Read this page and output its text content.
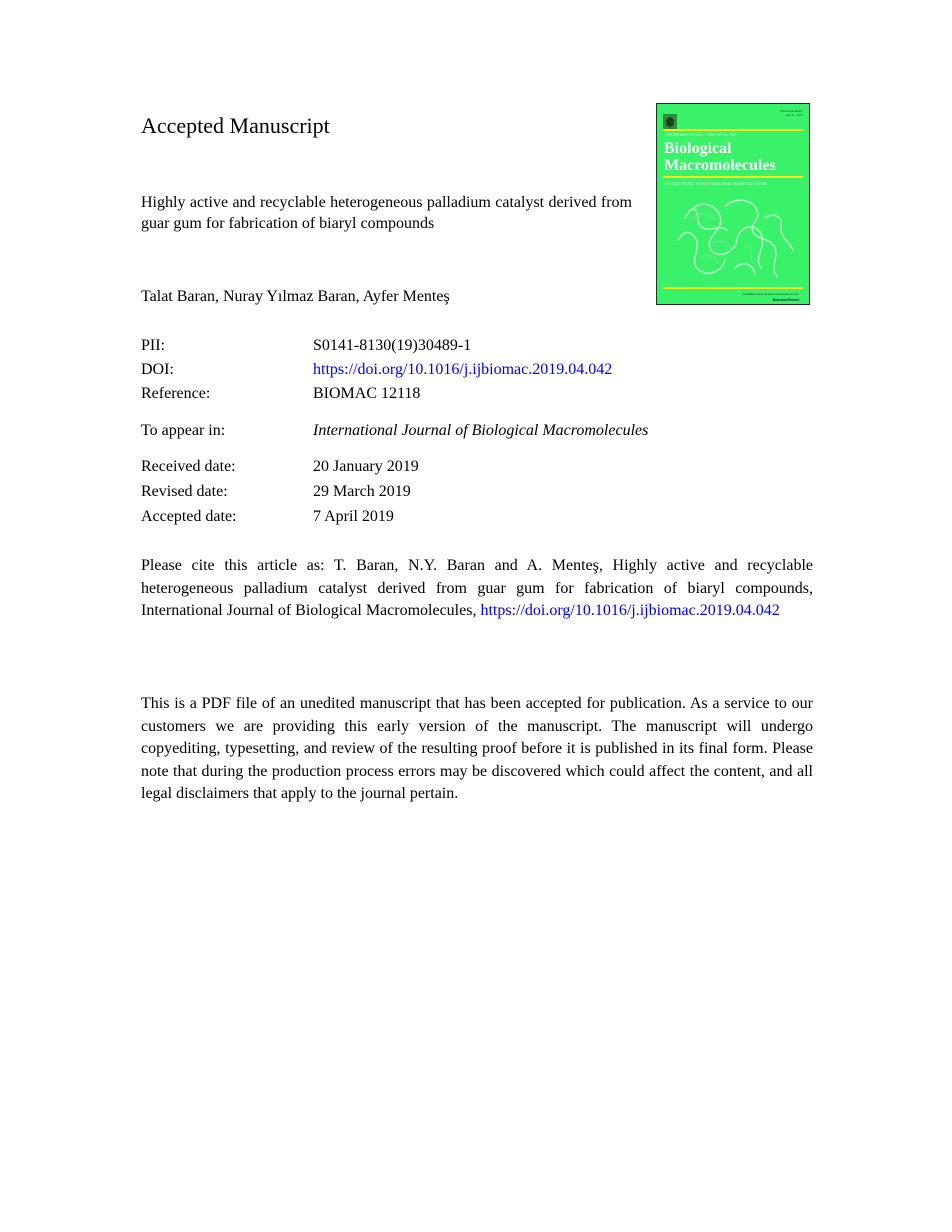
Accepted Manuscript
Highly active and recyclable heterogeneous palladium catalyst derived from guar gum for fabrication of biaryl compounds
Talat Baran, Nuray Yılmaz Baran, Ayfer Menteş
ISSN 0141-8130
Vol. 1 – 132
INTERNATIONAL JOURNAL OF
Biological
Macromolecules
STRUCTURE, FUNCTION AND INTERACTIONS
Available online at www.sciencedirect.com
ScienceDirect
PII:	S0141-8130(19)30489-1
DOI:	https://doi.org/10.1016/j.ijbiomac.2019.04.042
Reference:	BIOMAC 12118
To appear in:	International Journal of Biological Macromolecules
Received date:	20 January 2019
Revised date:	29 March 2019
Accepted date:	7 April 2019
Please cite this article as: T. Baran, N.Y. Baran and A. Menteş, Highly active and recyclable heterogeneous palladium catalyst derived from guar gum for fabrication of biaryl compounds, International Journal of Biological Macromolecules, https://doi.org/10.1016/j.ijbiomac.2019.04.042
This is a PDF file of an unedited manuscript that has been accepted for publication. As a service to our customers we are providing this early version of the manuscript. The manuscript will undergo copyediting, typesetting, and review of the resulting proof before it is published in its final form. Please note that during the production process errors may be discovered which could affect the content, and all legal disclaimers that apply to the journal pertain.
